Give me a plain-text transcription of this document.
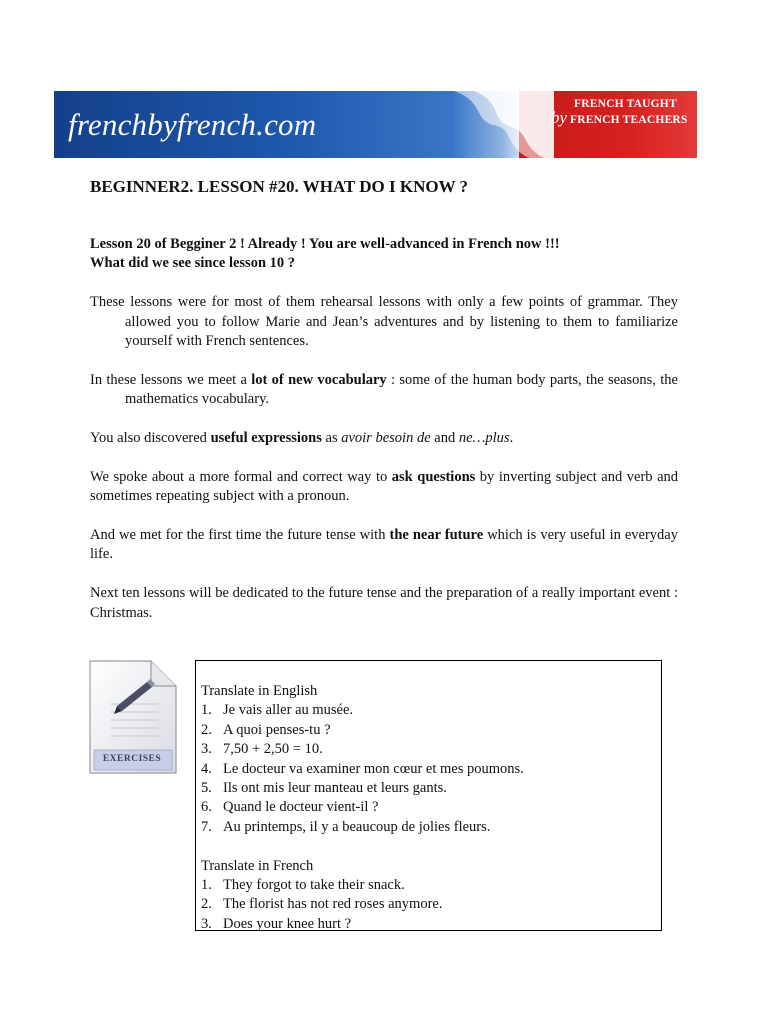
frenchbyfrench.com
FRENCH TAUGHT
by FRENCH TEACHERS
BEGINNER2. LESSON #20. WHAT DO I KNOW ?

Lesson 20 of Begginer 2 ! Already ! You are well-advanced in French now !!!
What did we see since lesson 10 ?

These lessons were for most of them rehearsal lessons with only a few points of grammar. They allowed you to follow Marie and Jean’s adventures and by listening to them to familiarize yourself with French sentences.

In these lessons we meet a lot of new vocabulary : some of the human body parts, the seasons, the mathematics vocabulary.

You also discovered useful expressions as avoir besoin de and ne…plus.

We spoke about a more formal and correct way to ask questions by inverting subject and verb and sometimes repeating subject with a pronoun.

And we met for the first time the future tense with the near future which is very useful in everyday life.

Next ten lessons will be dedicated to the future tense and the preparation of a really important event : Christmas.

EXERCISES

Translate in English

1. Je vais aller au musée.
2. A quoi penses-tu ?
3. 7,50 + 2,50 = 10.
4. Le docteur va examiner mon cœur et mes poumons.
5. Ils ont mis leur manteau et leurs gants.
6. Quand le docteur vient-il ?
7. Au printemps, il y a beaucoup de jolies fleurs.

Translate in French

1. They forgot to take their snack.
2. The florist has not red roses anymore.
3. Does your knee hurt ?
